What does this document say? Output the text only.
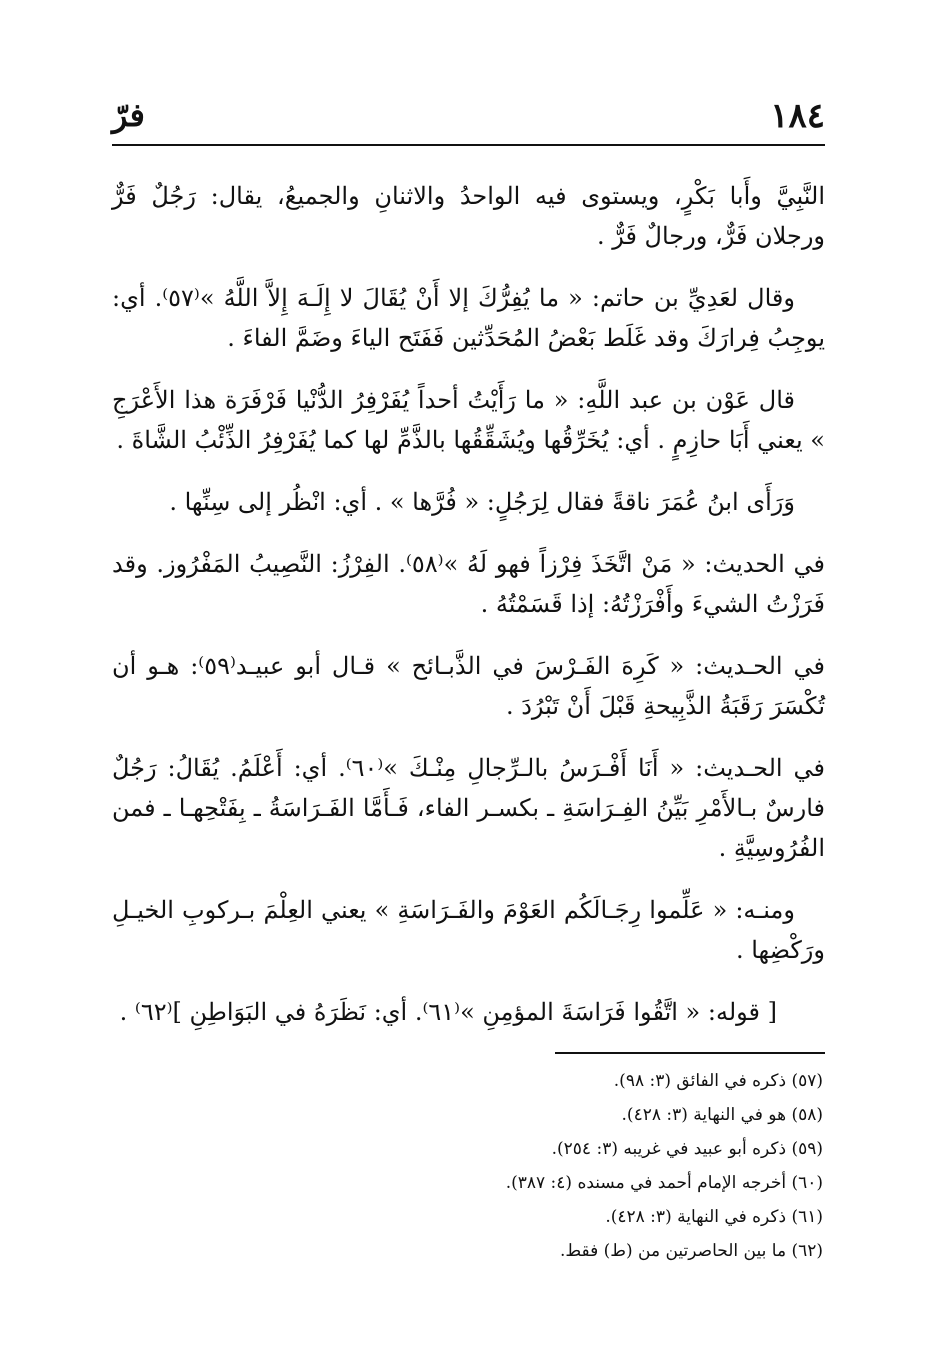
١٨٤
فرّ

النَّبِيَّ وأَبا بَكْرٍ، ويستوى فيه الواحدُ والاثنانِ والجميعُ، يقال: رَجُلٌ فَرٌّ ورجلان فَرٌّ، ورجالٌ فَرٌّ .

وقال لعَدِيِّ بن حاتم: « ما يُفِرُّكَ إلا أَنْ يُقَالَ لا إِلَـهَ إِلاَّ اللَّهُ »⁽٥٧⁾. أي: يوجِبُ فِرارَكَ وقد غَلَط بَعْضُ المُحَدِّثين فَفَتَح الياءَ وضَمَّ الفاءَ .

قال عَوْن بن عبد اللَّهِ: « ما رَأَيْتُ أحداً يُفَرْفِرُ الدُّنْيا فَرْفَرَة هذا الأَعْرَجِ » يعني أَبَا حازِمٍ . أي: يُخَرِّقُها ويُشَقِّقُها بالذَّمِّ لها كما يُفَرْفِرُ الذِّئْبُ الشَّاةَ .

وَرَأَى ابنُ عُمَرَ ناقةً فقال لِرَجُلٍ: « فُرَّها » . أي: انْظُر إلى سِنِّها .

في الحديث: « مَنْ اتَّخَذَ فِرْزاً فهو لَهُ »⁽٥٨⁾. الفِرْزُ: النَّصِيبُ المَفْرُوز. وقد فَرَزْتُ الشيءَ وأَفْرَزْتُهُ: إذا قَسَمْتُهُ .

في الحـديث: « كَرِهَ الفَـرْسَ في الذَّبـائح » قـال أبو عبيـد⁽٥٩⁾: هـو أن تُكْسَرَ رَقَبَةُ الذَّبِيحةِ قَبْلَ أَنْ تَبْرُدَ .

في الحـديث: « أَنَا أَفْـرَسُ بالـرِّجالِ مِنْـكَ »⁽٦٠⁾. أي: أَعْلَمُ. يُقَالُ: رَجُلٌ فارسٌ بـالأَمْرِ بَيِّنُ الفِـرَاسَةِ ـ بكسـر الفاء، فَـأَمَّا الفَـرَاسَةُ ـ بِفَتْحِهـا ـ فمن الفُرُوسِيَّةِ .

ومنـه: « عَلِّموا رِجَـالَكُم العَوْمَ والفَـرَاسَةِ » يعني العِلْمَ بـركوبِ الخيـلِ ورَكْضِها .

[ قوله: « اتَّقُوا فَرَاسَةَ المؤمِنِ »⁽٦١⁾. أي: نَظَرَهُ في البَوَاطِنِ ]⁽٦٢⁾ .

(٥٧) ذكره في الفائق (٣: ٩٨).

(٥٨) هو في النهاية (٣: ٤٢٨).

(٥٩) ذكره أبو عبيد في غريبه (٣: ٢٥٤).

(٦٠) أخرجه الإمام أحمد في مسنده (٤: ٣٨٧).

(٦١) ذكره في النهاية (٣: ٤٢٨).

(٦٢) ما بين الحاصرتين من (ط) فقط.
